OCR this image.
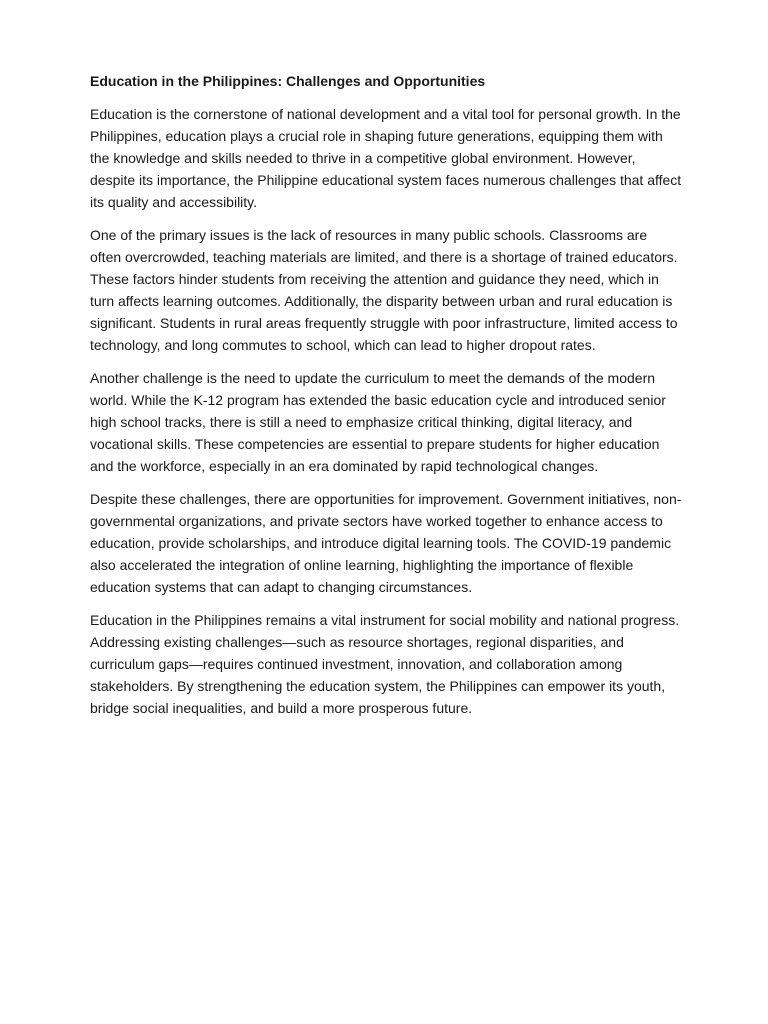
Education in the Philippines: Challenges and Opportunities

Education is the cornerstone of national development and a vital tool for personal growth. In the Philippines, education plays a crucial role in shaping future generations, equipping them with the knowledge and skills needed to thrive in a competitive global environment. However, despite its importance, the Philippine educational system faces numerous challenges that affect its quality and accessibility.

One of the primary issues is the lack of resources in many public schools. Classrooms are often overcrowded, teaching materials are limited, and there is a shortage of trained educators. These factors hinder students from receiving the attention and guidance they need, which in turn affects learning outcomes. Additionally, the disparity between urban and rural education is significant. Students in rural areas frequently struggle with poor infrastructure, limited access to technology, and long commutes to school, which can lead to higher dropout rates.

Another challenge is the need to update the curriculum to meet the demands of the modern world. While the K-12 program has extended the basic education cycle and introduced senior high school tracks, there is still a need to emphasize critical thinking, digital literacy, and vocational skills. These competencies are essential to prepare students for higher education and the workforce, especially in an era dominated by rapid technological changes.

Despite these challenges, there are opportunities for improvement. Government initiatives, non-governmental organizations, and private sectors have worked together to enhance access to education, provide scholarships, and introduce digital learning tools. The COVID-19 pandemic also accelerated the integration of online learning, highlighting the importance of flexible education systems that can adapt to changing circumstances.

Education in the Philippines remains a vital instrument for social mobility and national progress. Addressing existing challenges—such as resource shortages, regional disparities, and curriculum gaps—requires continued investment, innovation, and collaboration among stakeholders. By strengthening the education system, the Philippines can empower its youth, bridge social inequalities, and build a more prosperous future.
